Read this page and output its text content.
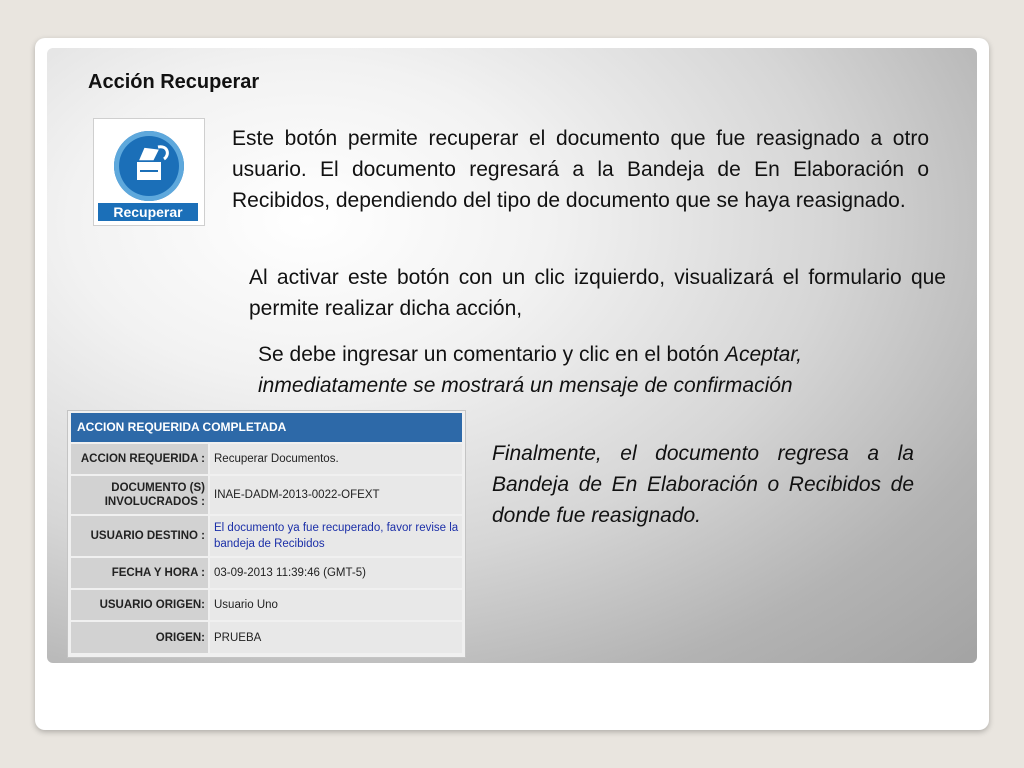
Acción Recuperar
Recuperar
Este botón permite recuperar el documento que fue reasignado a otro usuario. El documento regresará a la Bandeja de En Elaboración o Recibidos, dependiendo del tipo de documento que se haya reasignado.
Al activar este botón con un clic izquierdo, visualizará el formulario que permite realizar dicha acción,
Se debe ingresar un comentario y clic en el botón Aceptar, inmediatamente se mostrará un mensaje de confirmación
Finalmente, el documento regresa a la Bandeja de En Elaboración o Recibidos de donde fue reasignado.
ACCION REQUERIDA COMPLETADA
ACCION REQUERIDA : Recuperar Documentos.
DOCUMENTO (S) INVOLUCRADOS :
INAE-DADM-2013-0022-OFEXT
USUARIO DESTINO :
El documento ya fue recuperado, favor revise la bandeja de Recibidos
FECHA Y HORA : 03-09-2013 11:39:46 (GMT-5)
USUARIO ORIGEN: Usuario Uno
ORIGEN: PRUEBA
